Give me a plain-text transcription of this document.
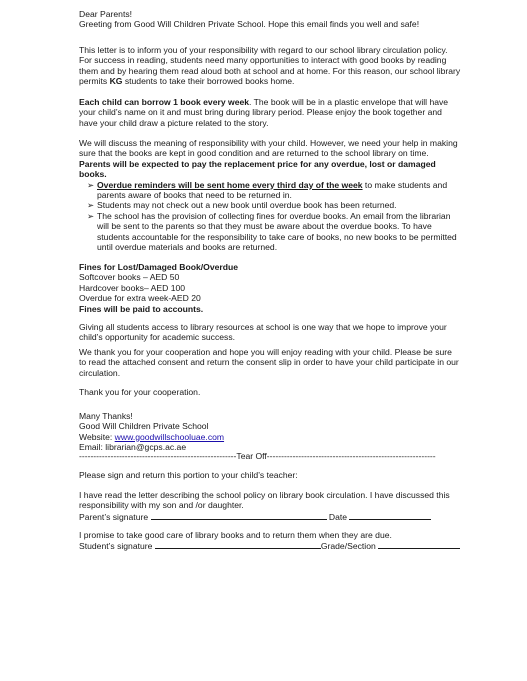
Dear Parents!

Greeting from Good Will Children Private School. Hope this email finds you well and safe!

This letter is to inform you of your responsibility with regard to our school library circulation policy. For success in reading, students need many opportunities to interact with good books by reading them and by hearing them read aloud both at school and at home. For this reason, our school library permits KG students to take their borrowed books home.

Each child can borrow 1 book every week. The book will be in a plastic envelope that will have your child’s name on it and must bring during library period. Please enjoy the book together and have your child draw a picture related to the story.

We will discuss the meaning of responsibility with your child. However, we need your help in making sure that the books are kept in good condition and are returned to the school library on time. Parents will be expected to pay the replacement price for any overdue, lost or damaged books.

➢ Overdue reminders will be sent home every third day of the week to make students and parents aware of books that need to be returned in.
➢ Students may not check out a new book until overdue book has been returned.
➢ The school has the provision of collecting fines for overdue books. An email from the librarian will be sent to the parents so that they must be aware about the overdue books. To have students accountable for the responsibility to take care of books, no new books to be permitted until overdue materials and books are returned.

Fines for Lost/Damaged Book/Overdue

Softcover books – AED 50

Hardcover books– AED 100

Overdue for extra week-AED 20

Fines will be paid to accounts.

Giving all students access to library resources at school is one way that we hope to improve your child’s opportunity for academic success.

We thank you for your cooperation and hope you will enjoy reading with your child. Please be sure to read the attached consent and return the consent slip in order to have your child participate in our circulation.

Thank you for your cooperation.

Many Thanks!

Good Will Children Private School

Website: www.goodwillschooluae.com

Email: librarian@gcps.ac.ae

-------------------------------------------------------Tear Off-----------------------------------------------------------

Please sign and return this portion to your child’s teacher:

I have read the letter describing the school policy on library book circulation. I have discussed this responsibility with my son and /or daughter.

Parent’s signature	Date

I promise to take good care of library books and to return them when they are due.

Student’s signature	Grade/Section
